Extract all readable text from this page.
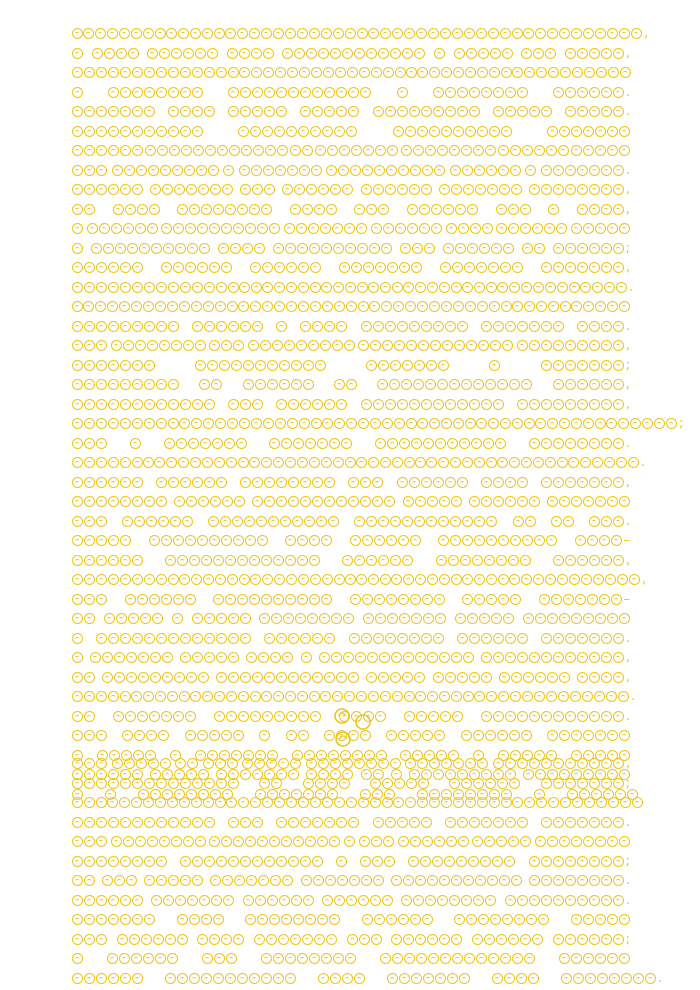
,
,
.
.
.
,
,
;
,
.
.
,
;
,
,
;
.
.
,
.
–
,
,
–
.
,
,
.
.
,
;
.
;
.
.
;
.
